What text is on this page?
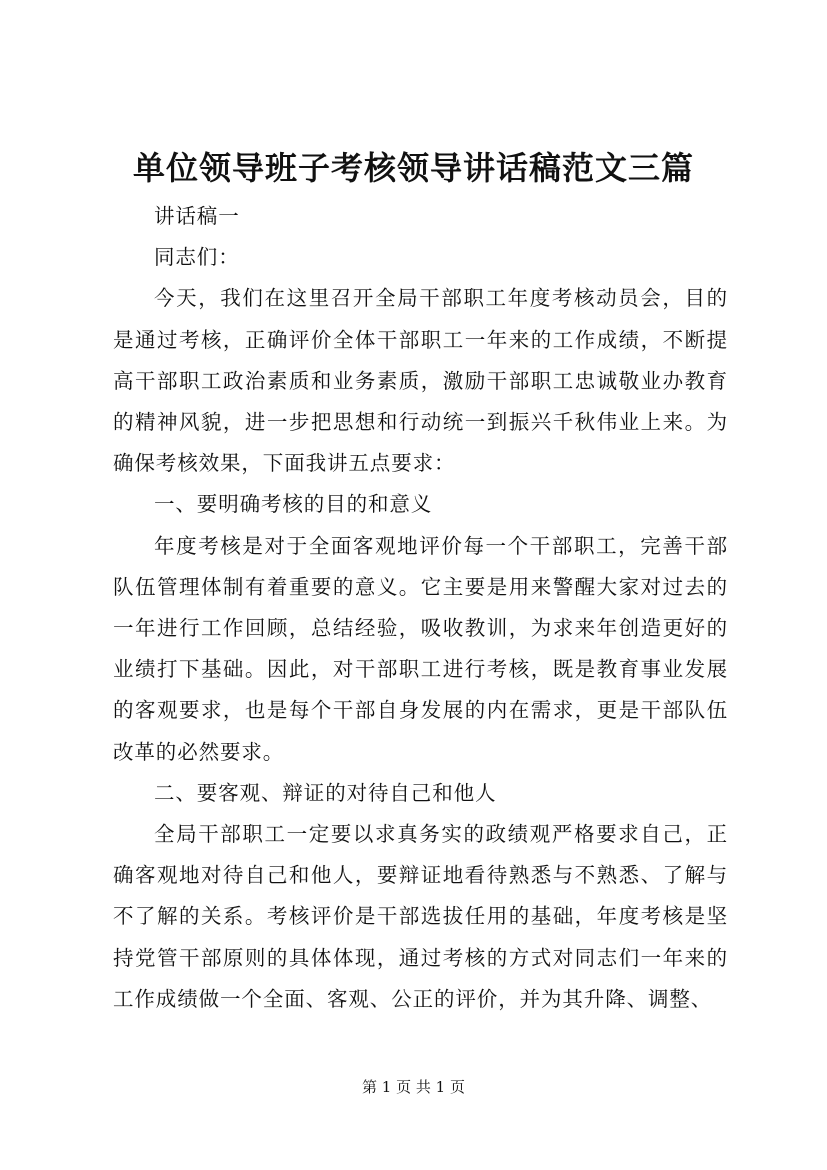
单位领导班子考核领导讲话稿范文三篇

讲话稿一

同志们：

今天，我们在这里召开全局干部职工年度考核动员会，目的是通过考核，正确评价全体干部职工一年来的工作成绩，不断提高干部职工政治素质和业务素质，激励干部职工忠诚敬业办教育的精神风貌，进一步把思想和行动统一到振兴千秋伟业上来。为确保考核效果，下面我讲五点要求：

一、要明确考核的目的和意义

年度考核是对于全面客观地评价每一个干部职工，完善干部队伍管理体制有着重要的意义。它主要是用来警醒大家对过去的一年进行工作回顾，总结经验，吸收教训，为求来年创造更好的业绩打下基础。因此，对干部职工进行考核，既是教育事业发展的客观要求，也是每个干部自身发展的内在需求，更是干部队伍改革的必然要求。

二、要客观、辩证的对待自己和他人

全局干部职工一定要以求真务实的政绩观严格要求自己，正确客观地对待自己和他人，要辩证地看待熟悉与不熟悉、了解与不了解的关系。考核评价是干部选拔任用的基础，年度考核是坚持党管干部原则的具体体现，通过考核的方式对同志们一年来的工作成绩做一个全面、客观、公正的评价，并为其升降、调整、

第 1 页 共 1 页
